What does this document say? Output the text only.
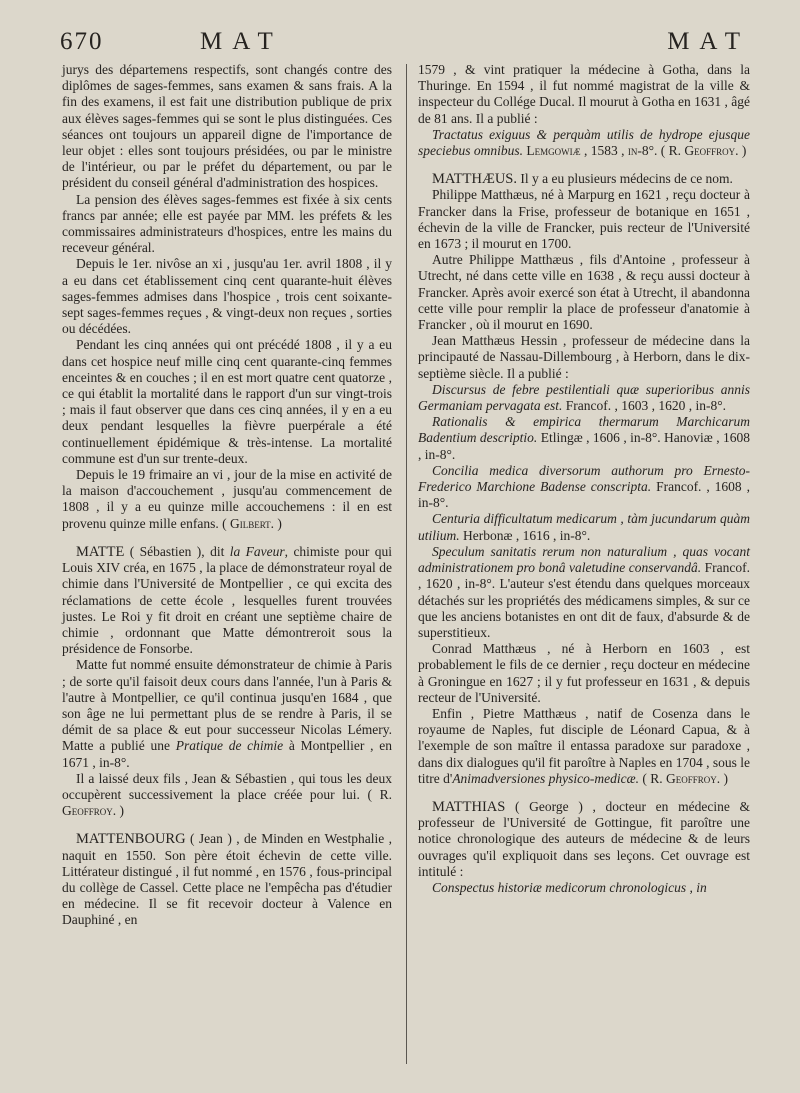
670	MAT	MAT

jurys des départemens respectifs, sont changés contre des diplômes de sages-femmes, sans examen & sans frais. A la fin des examens, il est fait une distribution publique de prix aux élèves sages-femmes qui se sont le plus distinguées. Ces séances ont toujours un appareil digne de l'importance de leur objet : elles sont toujours présidées, ou par le ministre de l'intérieur, ou par le préfet du département, ou par le président du conseil général d'administration des hospices.

La pension des élèves sages-femmes est fixée à six cents francs par année; elle est payée par MM. les préfets & les commissaires administrateurs d'hospices, entre les mains du receveur général.

Depuis le 1er. nivôse an xi , jusqu'au 1er. avril 1808 , il y a eu dans cet établissement cinq cent quarante-huit élèves sages-femmes admises dans l'hospice , trois cent soixante-sept sages-femmes reçues , & vingt-deux non reçues , sorties ou décédées.

Pendant les cinq années qui ont précédé 1808 , il y a eu dans cet hospice neuf mille cinq cent quarante-cinq femmes enceintes & en couches ; il en est mort quatre cent quatorze , ce qui établit la mortalité dans le rapport d'un sur vingt-trois ; mais il faut observer que dans ces cinq années, il y en a eu deux pendant lesquelles la fièvre puerpérale a été continuellement épidémique & très-intense. La mortalité commune est d'un sur trente-deux.

Depuis le 19 frimaire an vi , jour de la mise en activité de la maison d'accouchement , jusqu'au commencement de 1808 , il y a eu quinze mille accouchemens : il en est provenu quinze mille enfans. ( Gilbert. )

MATTE ( Sébastien ), dit la Faveur, chimiste pour qui Louis XIV créa, en 1675 , la place de démonstrateur royal de chimie dans l'Université de Montpellier , ce qui excita des réclamations de cette école , lesquelles furent trouvées justes. Le Roi y fit droit en créant une septième chaire de chimie , ordonnant que Matte démontreroit sous la présidence de Fonsorbe.

Matte fut nommé ensuite démonstrateur de chimie à Paris ; de sorte qu'il faisoit deux cours dans l'année, l'un à Paris & l'autre à Montpellier, ce qu'il continua jusqu'en 1684 , que son âge ne lui permettant plus de se rendre à Paris, il se démit de sa place & eut pour successeur Nicolas Lémery. Matte a publié une Pratique de chimie à Montpellier , en 1671 , in-8°.

Il a laissé deux fils , Jean & Sébastien , qui tous les deux occupèrent successivement la place créée pour lui. ( R. Geoffroy. )

MATTENBOURG ( Jean ) , de Minden en Westphalie , naquit en 1550. Son père étoit échevin de cette ville. Littérateur distingué , il fut nommé , en 1576 , fous-principal du collège de Cassel. Cette place ne l'empêcha pas d'étudier en médecine. Il se fit recevoir docteur à Valence en Dauphiné , en

1579 , & vint pratiquer la médecine à Gotha, dans la Thuringe. En 1594 , il fut nommé magistrat de la ville & inspecteur du Collége Ducal. Il mourut à Gotha en 1631 , âgé de 81 ans. Il a publié :

Tractatus exiguus & perquàm utilis de hydrope ejusque speciebus omnibus. Lemgowiæ , 1583 , in-8°. ( R. Geoffroy. )

MATTHÆUS. Il y a eu plusieurs médecins de ce nom.

Philippe Matthæus, né à Marpurg en 1621 , reçu docteur à Francker dans la Frise, professeur de botanique en 1651 , échevin de la ville de Francker, puis recteur de l'Université en 1673 ; il mourut en 1700.

Autre Philippe Matthæus , fils d'Antoine , professeur à Utrecht, né dans cette ville en 1638 , & reçu aussi docteur à Francker. Après avoir exercé son état à Utrecht, il abandonna cette ville pour remplir la place de professeur d'anatomie à Francker , où il mourut en 1690.

Jean Matthæus Hessin , professeur de médecine dans la principauté de Nassau-Dillembourg , à Herborn, dans le dix-septième siècle. Il a publié :

Discursus de febre pestilentiali quæ superioribus annis Germaniam pervagata est. Francof. , 1603 , 1620 , in-8°.

Rationalis & empirica thermarum Marchicarum Badentium descriptio. Etlingæ , 1606 , in-8°. Hanoviæ , 1608 , in-8°.

Concilia medica diversorum authorum pro Ernesto-Frederico Marchione Badense conscripta. Francof. , 1608 , in-8°.

Centuria difficultatum medicarum , tàm jucundarum quàm utilium. Herbonæ , 1616 , in-8°.

Speculum sanitatis rerum non naturalium , quas vocant administrationem pro bonâ valetudine conservandâ. Francof. , 1620 , in-8°. L'auteur s'est étendu dans quelques morceaux détachés sur les propriétés des médicamens simples, & sur ce que les anciens botanistes en ont dit de faux, d'absurde & de superstitieux.

Conrad Matthæus , né à Herborn en 1603 , est probablement le fils de ce dernier , reçu docteur en médecine à Groningue en 1627 ; il y fut professeur en 1631 , & depuis recteur de l'Université.

Enfin , Pietre Matthæus , natif de Cosenza dans le royaume de Naples, fut disciple de Léonard Capua, & à l'exemple de son maître il entassa paradoxe sur paradoxe , dans dix dialogues qu'il fit paroître à Naples en 1704 , sous le titre d'Animadversiones physico-medicæ. ( R. Geoffroy. )

MATTHIAS ( George ) , docteur en médecine & professeur de l'Université de Gottingue, fit paroître une notice chronologique des auteurs de médecine & de leurs ouvrages qu'il expliquoit dans ses leçons. Cet ouvrage est intitulé :

Conspectus historiæ medicorum chronologicus , in
